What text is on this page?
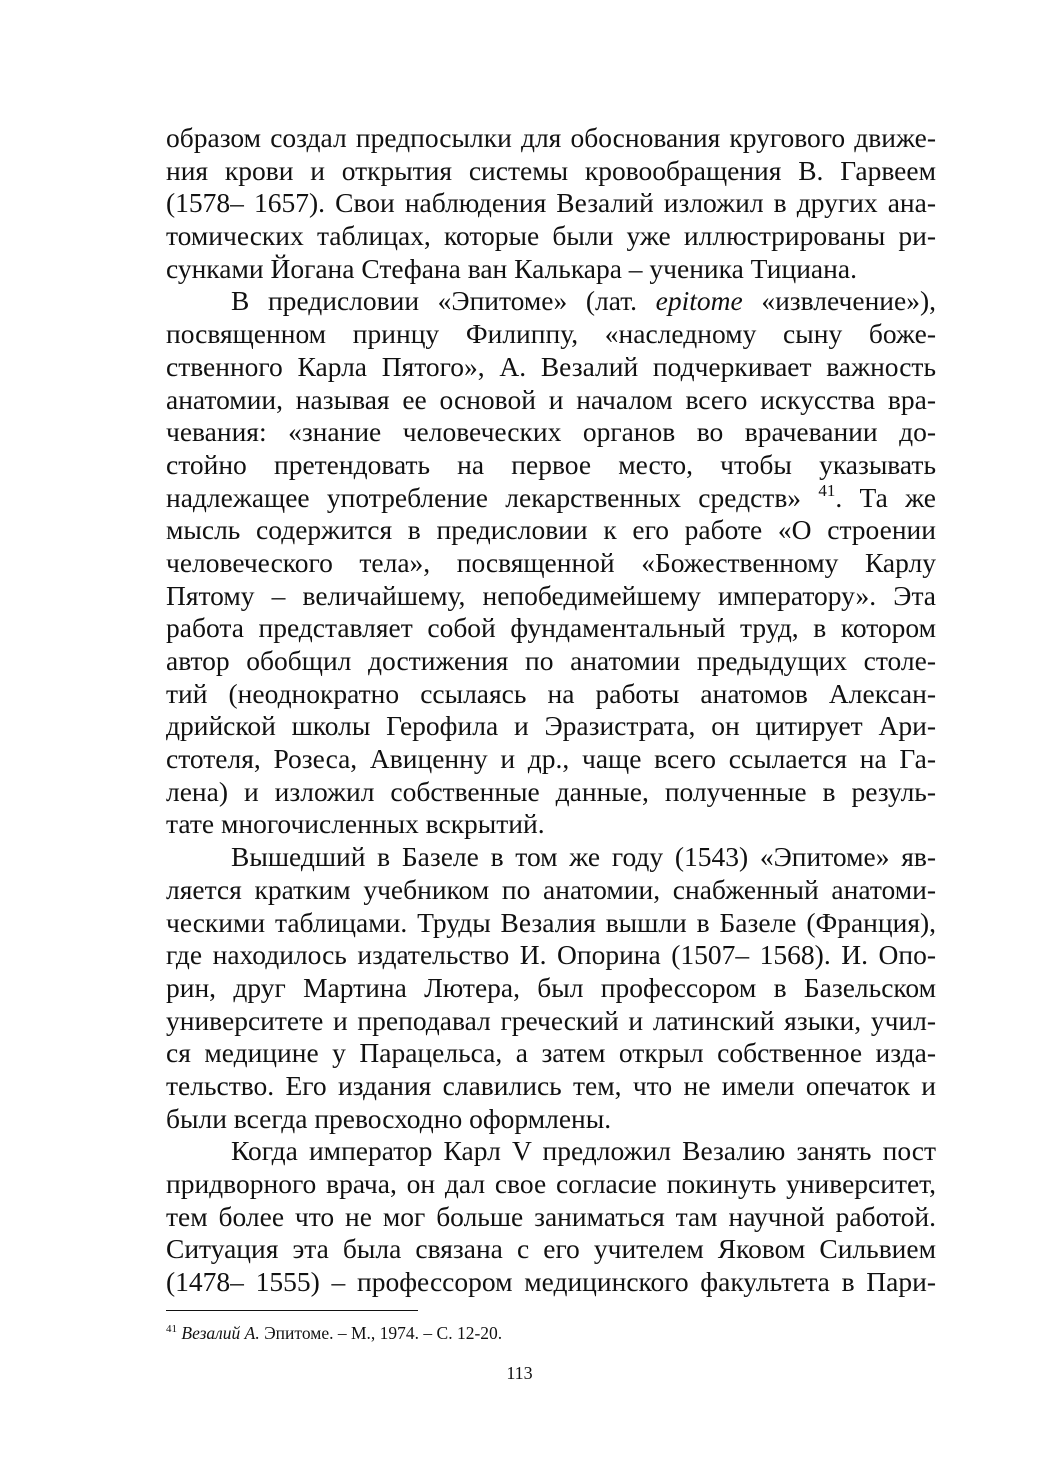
образом создал предпосылки для обоснования кругового движе-
ния крови и открытия системы кровообращения В. Гарвеем
(1578– 1657). Свои наблюдения Везалий изложил в других ана-
томических таблицах, которые были уже иллюстрированы ри-
сунками Йогана Стефана ван Калькара – ученика Тициана.
В предисловии «Эпитоме» (лат. epitome «извлечение»),
посвященном принцу Филиппу, «наследному сыну боже-
ственного Карла Пятого», А. Везалий подчеркивает важность
анатомии, называя ее основой и началом всего искусства вра-
чевания: «знание человеческих органов во врачевании до-
стойно претендовать на первое место, чтобы указывать
надлежащее употребление лекарственных средств» $^{41}$. Та же
мысль содержится в предисловии к его работе «О строении
человеческого тела», посвященной «Божественному Карлу
Пятому – величайшему, непобедимейшему императору». Эта
работа представляет собой фундаментальный труд, в котором
автор обобщил достижения по анатомии предыдущих столе-
тий (неоднократно ссылаясь на работы анатомов Алексан-
дрийской школы Герофила и Эразистрата, он цитирует Ари-
стотеля, Розеса, Авиценну и др., чаще всего ссылается на Га-
лена) и изложил собственные данные, полученные в резуль-
тате многочисленных вскрытий.
Вышедший в Базеле в том же году (1543) «Эпитоме» яв-
ляется кратким учебником по анатомии, снабженный анатоми-
ческими таблицами. Труды Везалия вышли в Базеле (Франция),
где находилось издательство И. Опорина (1507– 1568). И. Опо-
рин, друг Мартина Лютера, был профессором в Базельском
университете и преподавал греческий и латинский языки, учил-
ся медицине у Парацельса, а затем открыл собственное изда-
тельство. Его издания славились тем, что не имели опечаток и
были всегда превосходно оформлены.
Когда император Карл V предложил Везалию занять пост
придворного врача, он дал свое согласие покинуть университет,
тем более что не мог больше заниматься там научной работой.
Ситуация эта была связана с его учителем Яковом Сильвием
(1478– 1555) – профессором медицинского факультета в Пари-
$^{41}$ Везалий А. Эпитоме. – М., 1974. – С. 12-20.
113
